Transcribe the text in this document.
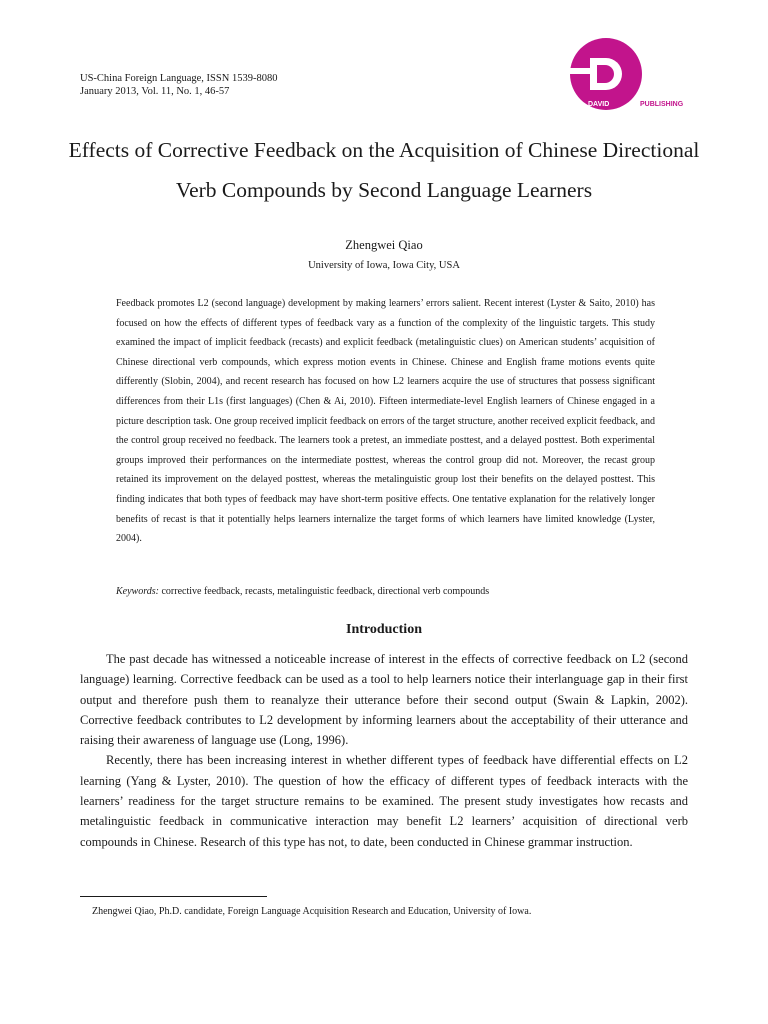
US-China Foreign Language, ISSN 1539-8080
January 2013, Vol. 11, No. 1, 46-57
DAVID	PUBLISHING
Effects of Corrective Feedback on the Acquisition of Chinese Directional Verb Compounds by Second Language Learners
Zhengwei Qiao
University of Iowa, Iowa City, USA
Feedback promotes L2 (second language) development by making learners’ errors salient. Recent interest (Lyster & Saito, 2010) has focused on how the effects of different types of feedback vary as a function of the complexity of the linguistic targets. This study examined the impact of implicit feedback (recasts) and explicit feedback (metalinguistic clues) on American students’ acquisition of Chinese directional verb compounds, which express motion events in Chinese. Chinese and English frame motions events quite differently (Slobin, 2004), and recent research has focused on how L2 learners acquire the use of structures that possess significant differences from their L1s (first languages) (Chen & Ai, 2010). Fifteen intermediate-level English learners of Chinese engaged in a picture description task. One group received implicit feedback on errors of the target structure, another received explicit feedback, and the control group received no feedback. The learners took a pretest, an immediate posttest, and a delayed posttest. Both experimental groups improved their performances on the intermediate posttest, whereas the control group did not. Moreover, the recast group retained its improvement on the delayed posttest, whereas the metalinguistic group lost their benefits on the delayed posttest. This finding indicates that both types of feedback may have short-term positive effects. One tentative explanation for the relatively longer benefits of recast is that it potentially helps learners internalize the target forms of which learners have limited knowledge (Lyster, 2004).
Keywords: corrective feedback, recasts, metalinguistic feedback, directional verb compounds
Introduction

The past decade has witnessed a noticeable increase of interest in the effects of corrective feedback on L2 (second language) learning. Corrective feedback can be used as a tool to help learners notice their interlanguage gap in their first output and therefore push them to reanalyze their utterance before their second output (Swain & Lapkin, 2002). Corrective feedback contributes to L2 development by informing learners about the acceptability of their utterance and raising their awareness of language use (Long, 1996).

Recently, there has been increasing interest in whether different types of feedback have differential effects on L2 learning (Yang & Lyster, 2010). The question of how the efficacy of different types of feedback interacts with the learners’ readiness for the target structure remains to be examined. The present study investigates how recasts and metalinguistic feedback in communicative interaction may benefit L2 learners’ acquisition of directional verb compounds in Chinese. Research of this type has not, to date, been conducted in Chinese grammar instruction.

Zhengwei Qiao, Ph.D. candidate, Foreign Language Acquisition Research and Education, University of Iowa.
